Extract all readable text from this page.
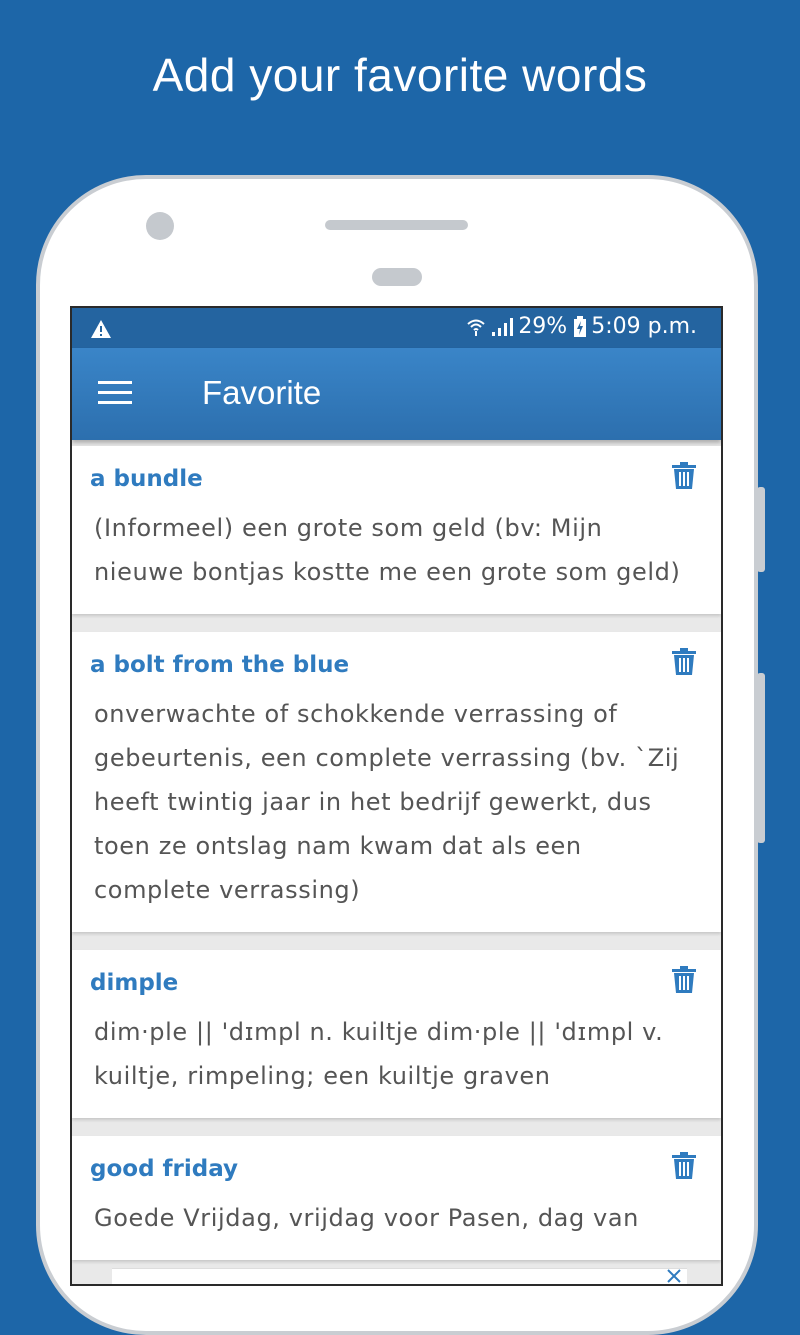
Add your favorite words
29% 5:09 p.m.
Favorite
a bundle
(Informeel) een grote som geld (bv: Mijn nieuwe bontjas kostte me een grote som geld)
a bolt from the blue
onverwachte of schokkende verrassing of gebeurtenis, een complete verrassing (bv. `Zij heeft twintig jaar in het bedrijf gewerkt, dus toen ze ontslag nam kwam dat als een complete verrassing)
dimple
dim·ple || 'dɪmpl n. kuiltje dim·ple || 'dɪmpl v. kuiltje, rimpeling; een kuiltje graven
good friday
Goede Vrijdag, vrijdag voor Pasen, dag van
